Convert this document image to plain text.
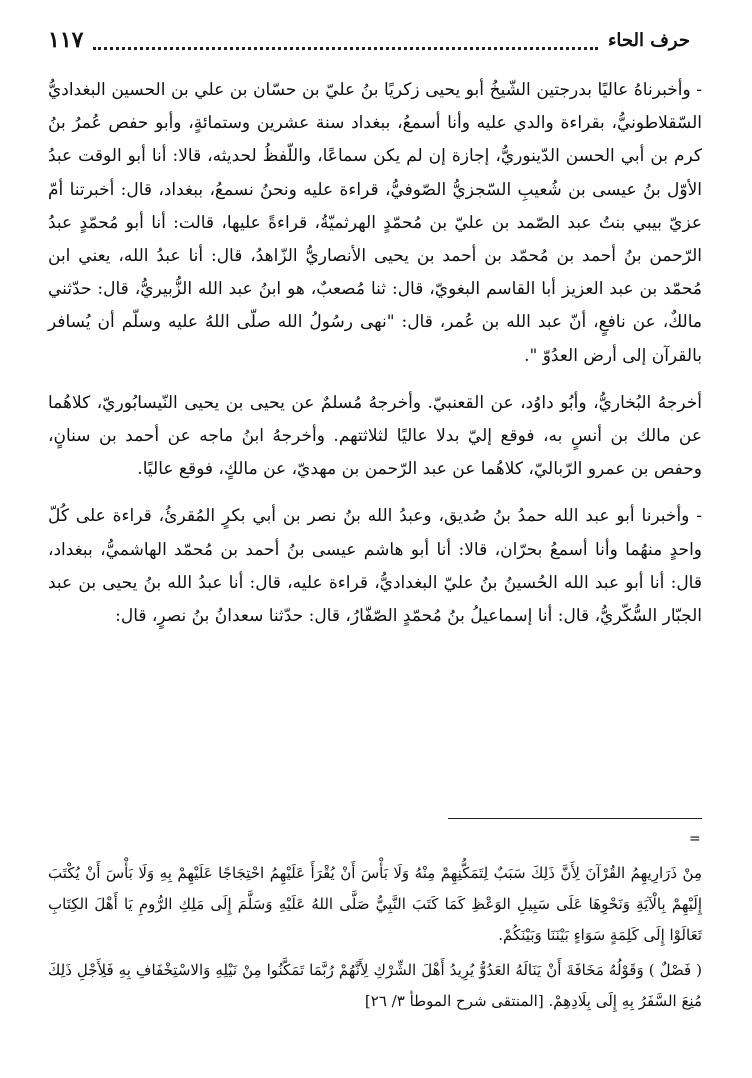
حرف الحاء
١١٧

- وأخبرناهُ عاليًا بدرجتين الشّيخُ أبو يحيى زكريًا بنُ عليّ بن حسّان بن علي بن الحسين البغداديُّ السّقلاطونيُّ، بقراءة والدي عليه وأنا أسمعُ، ببغداد سنة عشرين وستمائةٍ، وأبو حفص عُمرُ بنُ كرم بن أبي الحسن الدّينوريُّ، إجازة إن لم يكن سماعًا، واللّفظُ لحديثه، قالا: أنا أبو الوقت عبدُ الأوّل بنُ عيسى بن شُعيبِ السّجزيُّ الصّوفيُّ، قراءة عليه ونحنُ نسمعُ، ببغداد، قال: أخبرتنا أمّ عزيّ بيبي بنتُ عبد الصّمد بن عليّ بن مُحمّدٍ الهرثميّةُ، قراءةً عليها، قالت: أنا أبو مُحمّدٍ عبدُ الرّحمن بنُ أحمد بن مُحمّد بن أحمد بن يحيى الأنصاريُّ الزّاهدُ، قال: أنا عبدُ الله، يعني ابن مُحمّد بن عبد العزيز أبا القاسم البغويّ، قال: ثنا مُصعبٌ، هو ابنُ عبد الله الزُّبيريُّ، قال: حدّثني مالكٌ، عن نافعٍ، أنّ عبد الله بن عُمر، قال: "نهى رسُولُ الله صلّى اللهُ عليه وسلّم أن يُسافر بالقرآن إلى أرض العدُوّ ".

أخرجهُ البُخاريُّ، وأبُو داوُد، عن القعنبيّ. وأخرجهُ مُسلمٌ عن يحيى بن يحيى النّيسابُوريّ، كلاهُما عن مالك بن أنسٍ به، فوقع إليّ بدلا عاليًا لثلاثتهم. وأخرجهُ ابنُ ماجه عن أحمد بن سنانٍ، وحفص بن عمرو الرّباليّ، كلاهُما عن عبد الرّحمن بن مهديّ، عن مالكٍ، فوقع عاليًا.

- وأخبرنا أبو عبد الله حمدُ بنُ صُديق، وعبدُ الله بنُ نصر بن أبي بكرٍ المُقرئُ، قراءة على كُلّ واحدٍ منهُما وأنا أسمعُ بحرّان، قالا: أنا أبو هاشم عيسى بنُ أحمد بن مُحمّد الهاشميُّ، ببغداد، قال: أنا أبو عبد الله الحُسينُ بنُ عليّ البغداديُّ، قراءة عليه، قال: أنا عبدُ الله بنُ يحيى بن عبد الجبّار السُّكّريُّ، قال: أنا إسماعيلُ بنُ مُحمّدٍ الصّفّارُ، قال: حدّثنا سعدانُ بنُ نصرٍ، قال:

=

مِنْ ذَرَارِيهِمُ القُرْآنَ لِأَنَّ ذَلِكَ سَبَبٌ لِتَمَكُّنِهِمْ مِنْهُ وَلَا بَأْسَ أَنْ يُقْرَأَ عَلَيْهِمُ احْتِجَاجًا عَلَيْهِمْ بِهِ وَلَا بَأْسَ أَنْ يُكْتَبَ إِلَيْهِمْ بِالْآيَةِ وَنَحْوِهَا عَلَى سَبِيلِ الوَعْظِ كَمَا كَتَبَ النَّبِيُّ صَلَّى اللهُ عَلَيْهِ وَسَلَّمَ إِلَى مَلِكِ الرُّومِ يَا أَهْلَ الكِتَابِ تَعَالَوْا إِلَى كَلِمَةٍ سَوَاءٍ بَيْنَنَا وَبَيْنَكُمْ.

( فَصْلٌ ) وَقَوْلُهُ مَخَافَةَ أَنْ يَنَالَهُ العَدُوُّ يُرِيدُ أَهْلَ الشِّرْكِ لِأَنَّهُمْ رُبَّمَا تَمَكَّنُوا مِنْ نَيْلِهِ وَالاسْتِخْفَافِ بِهِ فَلِأَجْلِ ذَلِكَ مُنِعَ السَّفَرُ بِهِ إِلَى بِلَادِهِمْ. [المنتقى شرح الموطأ ٣/ ٢٦]
